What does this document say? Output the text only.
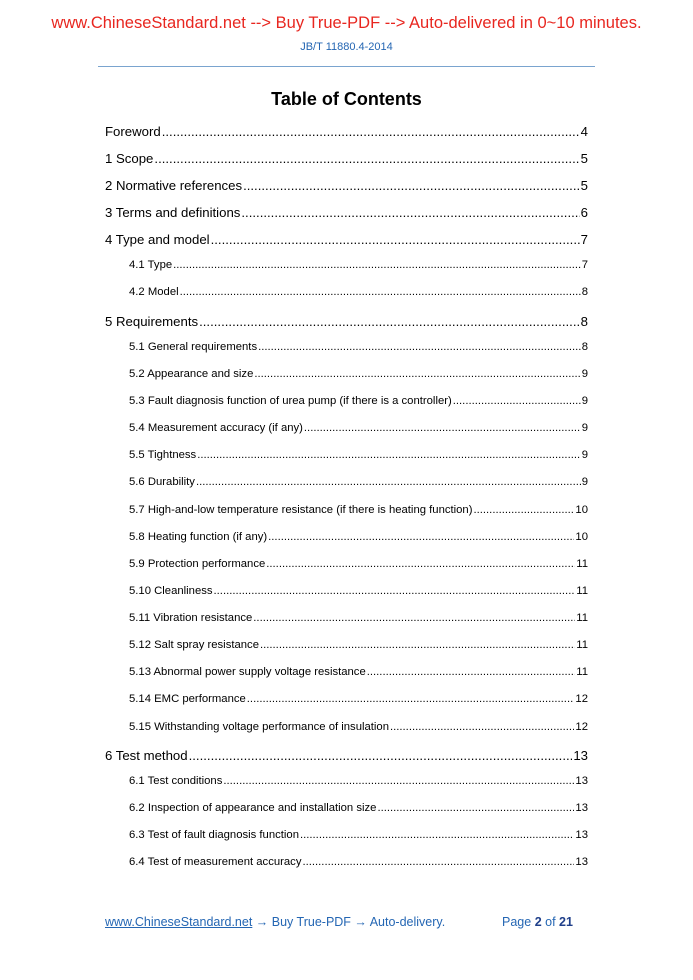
www.ChineseStandard.net --> Buy True-PDF --> Auto-delivered in 0~10 minutes.
JB/T 11880.4-2014
Table of Contents
Foreword .....	4
1 Scope .....	5
2 Normative references .....	5
3 Terms and definitions .....	6
4 Type and model .....	7
4.1 Type .....	7
4.2 Model .....	8
5 Requirements .....	8
5.1 General requirements .....	8
5.2 Appearance and size .....	9
5.3 Fault diagnosis function of urea pump (if there is a controller) .....	9
5.4 Measurement accuracy (if any) .....	9
5.5 Tightness .....	9
5.6 Durability .....	9
5.7 High-and-low temperature resistance (if there is heating function) .....	10
5.8 Heating function (if any) .....	10
5.9 Protection performance .....	11
5.10 Cleanliness .....	11
5.11 Vibration resistance .....	11
5.12 Salt spray resistance .....	11
5.13 Abnormal power supply voltage resistance .....	11
5.14 EMC performance .....	12
5.15 Withstanding voltage performance of insulation .....	12
6 Test method .....	13
6.1 Test conditions .....	13
6.2 Inspection of appearance and installation size .....	13
6.3 Test of fault diagnosis function .....	13
6.4 Test of measurement accuracy .....	13
www.ChineseStandard.net → Buy True-PDF → Auto-delivery.	Page 2 of 21
